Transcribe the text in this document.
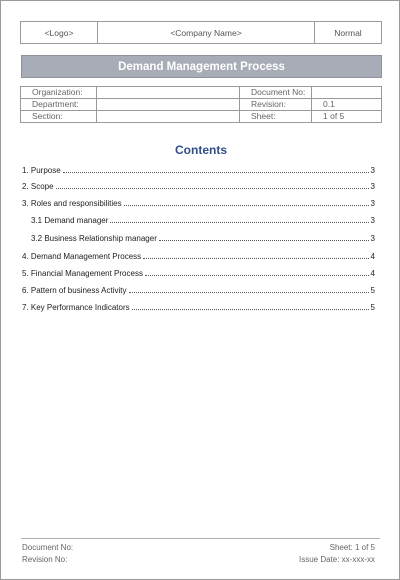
<Logo>	<Company Name>	Normal
Demand Management Process
Organization:		Document No:	
Department:		Revision:	0.1
Section:		Sheet:	1 of 5
Contents
1. Purpose	3
2. Scope	3
3. Roles and responsibilities	3
3.1 Demand manager	3
3.2 Business Relationship manager	3
4. Demand Management Process	4
5. Financial Management Process	4
6. Pattern of business Activity	5
7. Key Performance Indicators	5
Document No:
Revision No:
Sheet: 1 of 5
Issue Date: xx-xxx-xx
